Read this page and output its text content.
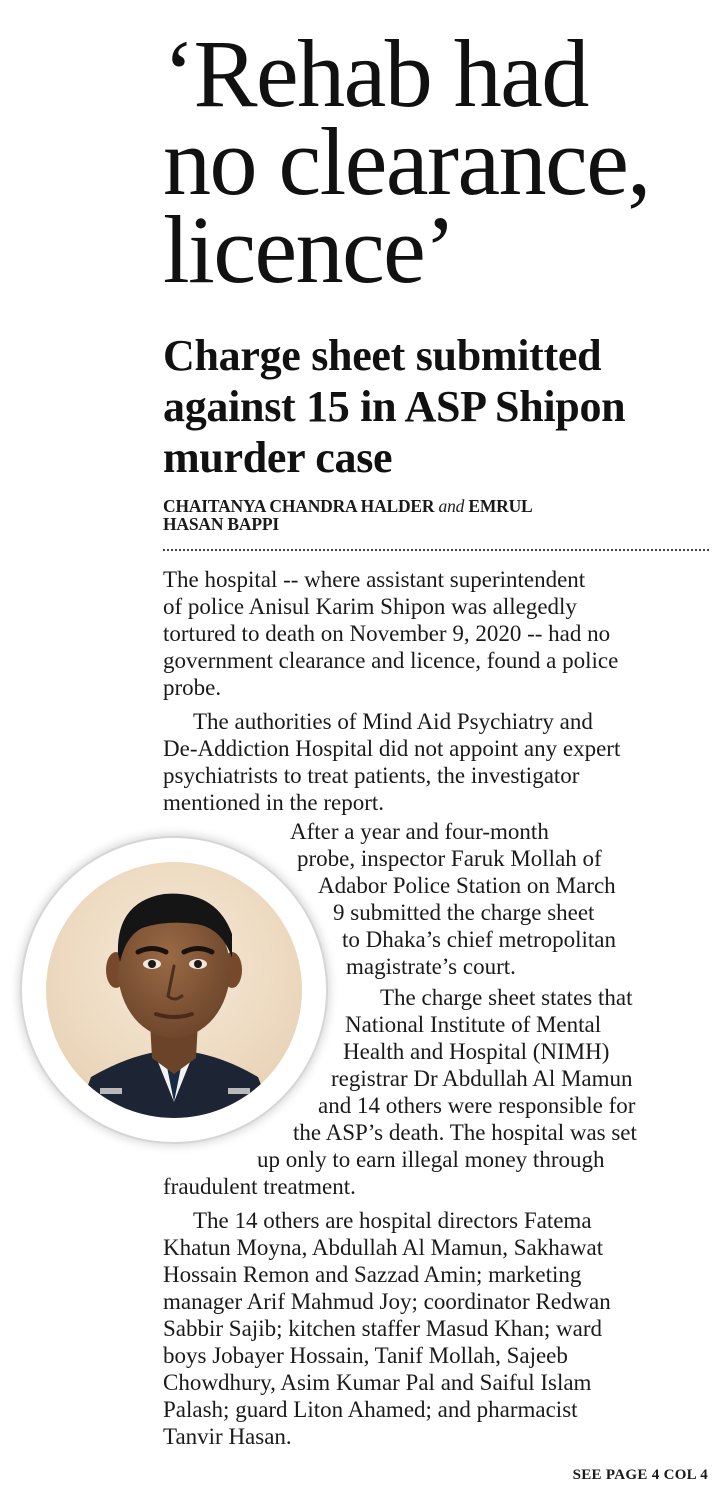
‘Rehab had
no clearance,
licence’
Charge sheet submitted
against 15 in ASP Shipon
murder case
CHAITANYA CHANDRA HALDER and EMRUL
HASAN BAPPI
The hospital -- where assistant superintendent
of police Anisul Karim Shipon was allegedly
tortured to death on November 9, 2020 -- had no
government clearance and licence, found a police
probe.
The authorities of Mind Aid Psychiatry and
De-Addiction Hospital did not appoint any expert
psychiatrists to treat patients, the investigator
mentioned in the report.
After a year and four-month
probe, inspector Faruk Mollah of
Adabor Police Station on March
9 submitted the charge sheet
to Dhaka’s chief metropolitan
magistrate’s court.
The charge sheet states that
National Institute of Mental
Health and Hospital (NIMH)
registrar Dr Abdullah Al Mamun
and 14 others were responsible for
the ASP’s death. The hospital was set
up only to earn illegal money through
fraudulent treatment.
The 14 others are hospital directors Fatema
Khatun Moyna, Abdullah Al Mamun, Sakhawat
Hossain Remon and Sazzad Amin; marketing
manager Arif Mahmud Joy; coordinator Redwan
Sabbir Sajib; kitchen staffer Masud Khan; ward
boys Jobayer Hossain, Tanif Mollah, Sajeeb
Chowdhury, Asim Kumar Pal and Saiful Islam
Palash; guard Liton Ahamed; and pharmacist
Tanvir Hasan.
SEE PAGE 4 COL 4
